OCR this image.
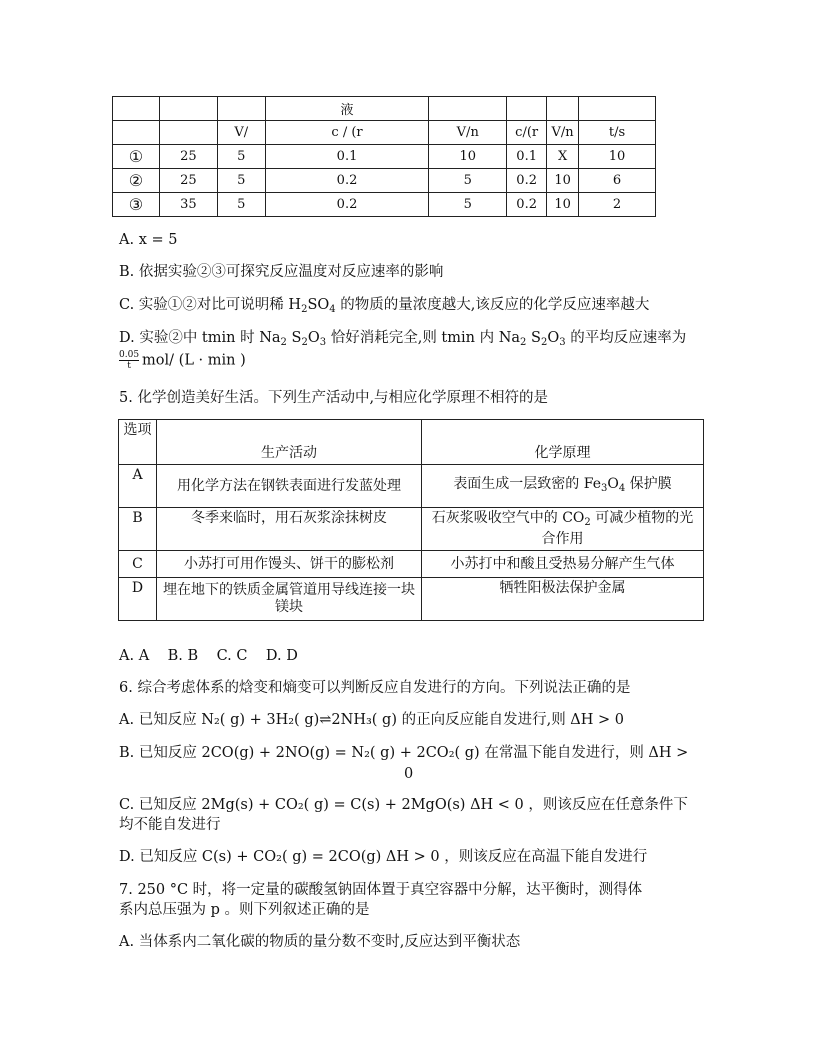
			液				
		V/	c / (r	V/n	c/(r	V/n	t/s
①	25	5	0.1	10	0.1	X	10
②	25	5	0.2	5	0.2	10	6
③	35	5	0.2	5	0.2	10	2
A. x = 5
B. 依据实验②③可探究反应温度对反应速率的影响
C. 实验①②对比可说明稀 $H_2SO_4$ 的物质的量浓度越大,该反应的化学反应速率越大
D. 实验②中 tmin 时 $Na_2$ $S_2O_3$ 恰好消耗完全,则 tmin 内 $Na_2$ $S_2O_3$ 的平均反应速率为
$\frac{0.05}{t} mol/$ (L · min )
5. 化学创造美好生活。下列生产活动中,与相应化学原理不相符的是
选项	生产活动	化学原理
A	用化学方法在钢铁表面进行发蓝处理	表面生成一层致密的 $Fe_3O_4$ 保护膜
B	冬季来临时，用石灰浆涂抹树皮	石灰浆吸收空气中的 $CO_2$ 可减少植物的光合作用
C	小苏打可用作馒头、饼干的膨松剂	小苏打中和酸且受热易分解产生气体
D	埋在地下的铁质金属管道用导线连接一块镁块	牺牲阳极法保护金属
A. A    B. B    C. C    D. D
6. 综合考虑体系的焓变和熵变可以判断反应自发进行的方向。下列说法正确的是
A. 已知反应 N₂( g) + 3H₂( g)⇌2NH₃( g) 的正向反应能自发进行,则 ΔH > 0
B. 已知反应 2CO(g) + 2NO(g) = N₂( g) + 2CO₂( g) 在常温下能自发进行，则 ΔH >
0
C. 已知反应 2Mg(s) + CO₂( g) = C(s) + 2MgO(s) ΔH < 0 ，则该反应在任意条件下
均不能自发进行
D. 已知反应 C(s) + CO₂( g) = 2CO(g) ΔH > 0 ，则该反应在高温下能自发进行
7. 250 °C 时，将一定量的碳酸氢钠固体置于真空容器中分解，达平衡时，测得体
系内总压强为 p 。则下列叙述正确的是
A. 当体系内二氧化碳的物质的量分数不变时,反应达到平衡状态
